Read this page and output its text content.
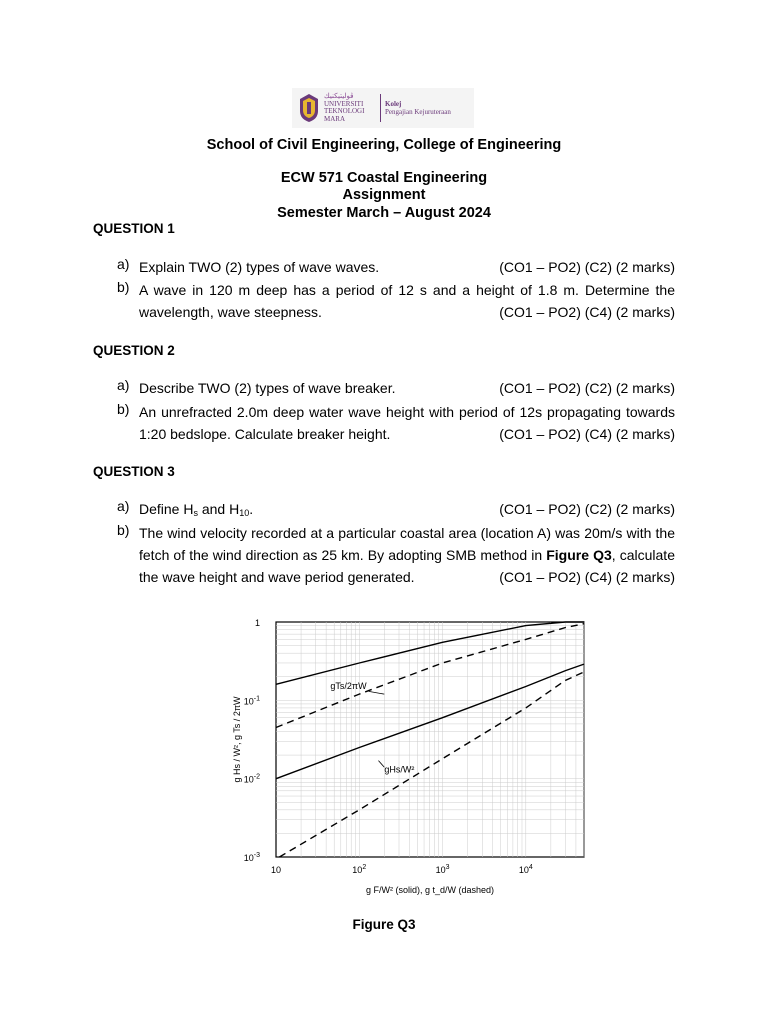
ڤوليتيكنيك
UNIVERSITI
TEKNOLOGI
MARA
Kolej
Pengajian Kejuruteraan
School of Civil Engineering, College of Engineering
ECW 571 Coastal Engineering
Assignment
Semester March – August 2024
QUESTION 1
a) Explain TWO (2) types of wave waves.	(CO1 – PO2) (C2) (2 marks)
b) A wave in 120 m deep has a period of 12 s and a height of 1.8 m. Determine the
wavelength, wave steepness.	(CO1 – PO2) (C4) (2 marks)
QUESTION 2
a) Describe TWO (2) types of wave breaker.	(CO1 – PO2) (C2) (2 marks)
b) An unrefracted 2.0m deep water wave height with period of 12s propagating towards
1:20 bedslope. Calculate breaker height.	(CO1 – PO2) (C4) (2 marks)
QUESTION 3
a) Define $H_s$ and $H_{10}$.	(CO1 – PO2) (C2) (2 marks)
b) The wind velocity recorded at a particular coastal area (location A) was 20m/s with the
fetch of the wind direction as 25 km. By adopting SMB method in Figure Q3, calculate
the wave height and wave period generated.	(CO1 – PO2) (C4) (2 marks)
10	$10^2$	$10^3$	$10^4$
1
$10^{-1}$
$10^{-2}$
$10^{-3}$
g F/W² (solid), g t_d/W (dashed)
g Hs / W², g Ts / 2πW
gTs/2πW
gHs/W²
Figure Q3
